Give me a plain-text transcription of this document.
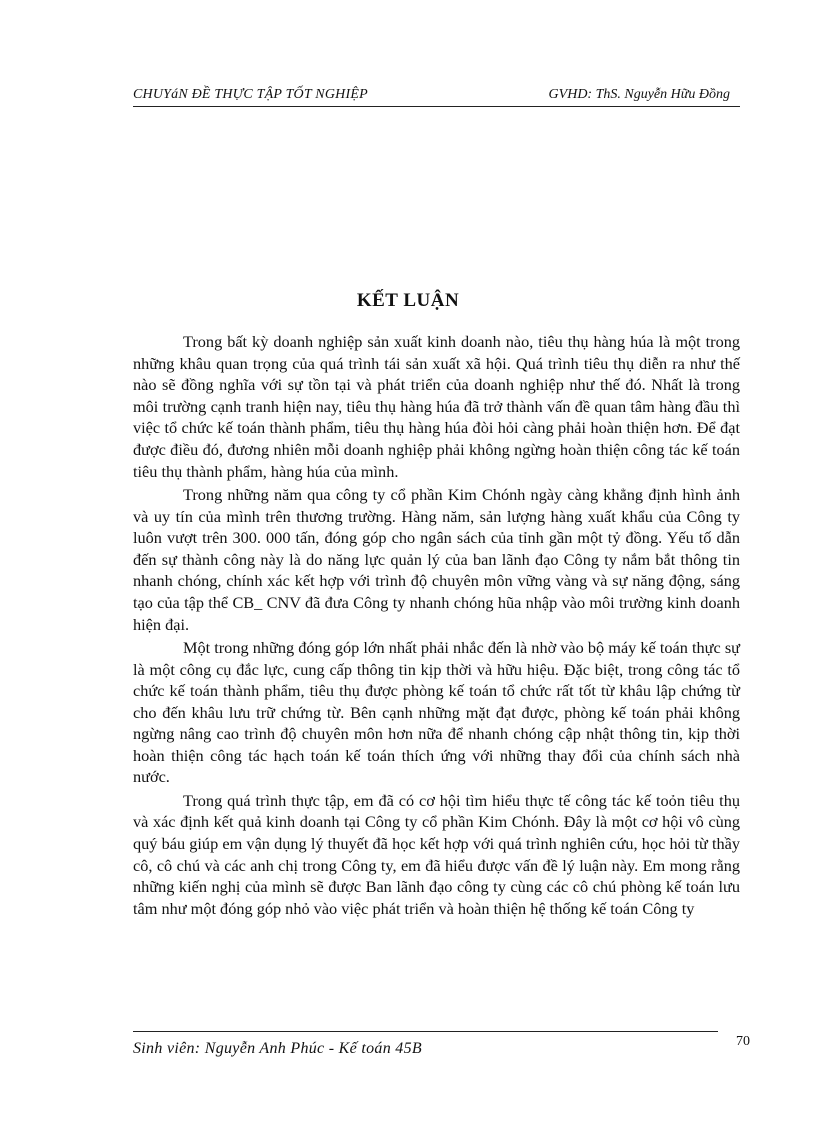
CHUYáN ĐỀ THỰC TẬP TỐT NGHIỆP	GVHD: ThS. Nguyễn Hữu Đồng
KẾT LUẬN

Trong bất kỳ doanh nghiệp sản xuất kinh doanh nào, tiêu thụ hàng húa là một trong những khâu quan trọng của quá trình tái sản xuất xã hội. Quá trình tiêu thụ diễn ra như thế nào sẽ đồng nghĩa với sự tồn tại và phát triển của doanh nghiệp như thế đó. Nhất là trong môi trường cạnh tranh hiện nay, tiêu thụ hàng húa đã trở thành vấn đề quan tâm hàng đầu thì việc tổ chức kế toán thành phẩm, tiêu thụ hàng húa đòi hỏi càng phải hoàn thiện hơn. Để đạt được điều đó, đương nhiên mỗi doanh nghiệp phải không ngừng hoàn thiện công tác kế toán tiêu thụ thành phẩm, hàng húa của mình.

Trong những năm qua công ty cổ phần Kim Chónh ngày càng khẳng định hình ảnh và uy tín của mình trên thương trường. Hàng năm, sản lượng hàng xuất khẩu của Công ty luôn vượt trên 300. 000 tấn, đóng góp cho ngân sách của tỉnh gần một tỷ đồng. Yếu tố dẫn đến sự thành công này là do năng lực quản lý của ban lãnh đạo Công ty nắm bắt thông tin nhanh chóng, chính xác kết hợp với trình độ chuyên môn vững vàng và sự năng động, sáng tạo của tập thể CB_ CNV đã đưa Công ty nhanh chóng hũa nhập vào môi trường kinh doanh hiện đại.

Một trong những đóng góp lớn nhất phải nhắc đến là nhờ vào bộ máy kế toán thực sự là một công cụ đắc lực, cung cấp thông tin kịp thời và hữu hiệu. Đặc biệt, trong công tác tổ chức kế toán thành phẩm, tiêu thụ được phòng kế toán tổ chức rất tốt từ khâu lập chứng từ cho đến khâu lưu trữ chứng từ. Bên cạnh những mặt đạt được, phòng kế toán phải không ngừng nâng cao trình độ chuyên môn hơn nữa để nhanh chóng cập nhật thông tin, kịp thời hoàn thiện công tác hạch toán kế toán thích ứng với những thay đổi của chính sách nhà nước.

Trong quá trình thực tập, em đã có cơ hội tìm hiểu thực tế công tác kế toỏn tiêu thụ và xác định kết quả kinh doanh tại Công ty cổ phần Kim Chónh. Đây là một cơ hội vô cùng quý báu giúp em vận dụng lý thuyết đã học kết hợp với quá trình nghiên cứu, học hỏi từ thầy cô, cô chú và các anh chị trong Công ty, em đã hiểu được vấn đề lý luận này. Em mong rằng những kiến nghị của mình sẽ được Ban lãnh đạo công ty cùng các cô chú phòng kế toán lưu tâm như một đóng góp nhỏ vào việc phát triển và hoàn thiện hệ thống kế toán Công ty

Sinh viên: Nguyễn Anh Phúc - Kế toán 45B	70
